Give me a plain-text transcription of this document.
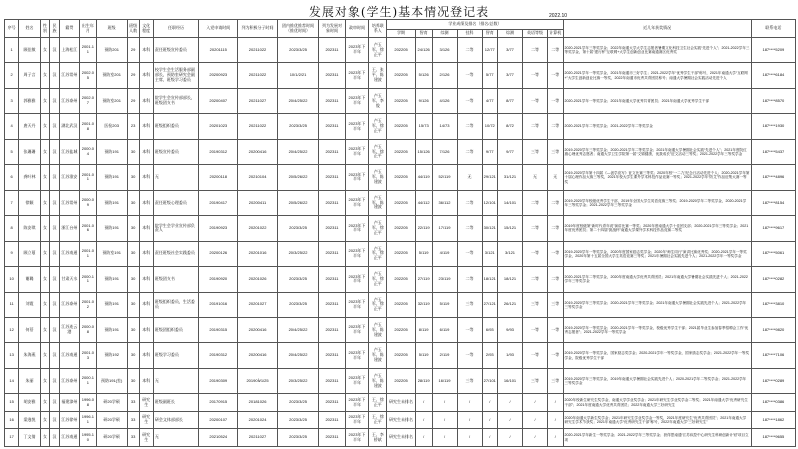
发展对象(学生)基本情况登记表	2022.10
序号	姓名	性别	民族	籍贯	出生年月	班级	班级人数	文化程度	任职经历	入党申请时间	列为积极分子时间	团内推优推荐时间（推优时间）	列为发展对象时间	政审时间	培养联系人	学业成绩及排名（排名/总数）								近几年获奖情况	联系电话
																学期	智育	综测	挂科	智育	综测	英语等级	计算机		
1	顾佳敏	女	汉	上海松江	2001.11	预防201	29	本科	责任班级宣传委员	20201115	20211022	2023/3/25	202311	2023年下半年	卢玉军、徐正平	202205	24/126	3/126	二等	12/77	3/77	二等	二等	2020-2021学年三等奖学金；2022年南通大学大学生志愿者暑期文化科技卫生社会实践“先进个人”；2021-2022学年三等奖学金，第十届“建行杯”互联网+大学生创新创业比赛南通赛区优秀奖	187****5209
2	周子言	女	汉	江苏常州	2002.05	预防室201	29	本科	校学生会生活服务部副部长，预防室研究会副主席，班级学习委员	20200923	20211022	10/1/2/21	202311	2023年下半年	王、张平、陈建波	202205	5/126	2/126	一等	5/77	3/77	一等	一等	2020-2021学年一等奖学金，2021年南通市三好学生；2021-2022学年“优秀学生干部”称号，2021年南通大学“互联网+”大学生创新创业比赛一等奖，2022年南通市优秀共青团员称号；南通大学暑期社会实践活动先进个人	187****6184
3	郭雅雅	女	汉	江苏泰州	2002.07	预防室201	29	本科	院学生会宣传部部长，班级团支书	20200407	20211027	20/4/25/22	202311	2023年下半年	卢玉军、李俊	202205	9/126	4/126	一等	4/77	8/77	一等	一等	2020-2021学年一等奖学金；2021年南通大学优秀共青团员；2021年南通大学优秀学生干部	187****8570
4	唐天丹	女	汉	湖北武汉	2001.08	医检203	23	本科	班级组织委员	20201023	20211022	2023/3/25	202311	2023年下半年	卢玉军、徐正平	202205	15/73	14/73	二等	10/72	8/72	二等	二等	2020-2021学年二等奖学金；2021-2022学年二等奖学金	187****1930
5	张珊珊	女	汉	江苏盐城	2000.04	预防191	30	本科	班级宣传委员	20190312	20200416	20/4/25/22	202311	2023年下半年	卢玉军、徐正平	202205	15/126	7/126	二等	9/77	9/77	三等	三等	2019-2020学年三等奖学金；2020-2021学年二等奖学金；2021年南通大学暑期社会实践“先进个人”；2021年度院红旗心理优秀志愿者；南通大学卫生学院第一届“文锦健康，优我成长”征文活动三等奖；2021-2022学年三等奖学金	187****5437
6	龚叶林	女	汉	江苏淮安	2001.01	预防191	30	本科	无	20200118	20210104	20/5/26/22	202311	2023年下半年	卢玉军、陈建波	202205	44/119	52/119	无	29/121	31/121	无	无	2019-2020学年第十四届《—创学竞写》征文比赛三等奖；2020年校“一二九”纪念日活动先进个人；2020-2021学年第十届心理作品大赛三等奖，2021年校大学生课外学术科技作品竞赛一等奖；2021-2022学年“防艾”作品征集大赛一等奖	187****4896
7	徐颖	女	汉	江苏常州	2000.09	预防191	30	本科	责任班级心理委员	20190417	20200411	20/5/26/22	202311	2023年下半年	卢玉军、陈建波	202205	44/112	36/112	二等	12/101	14/101	二等	二等	2019-2020学年校级优秀学生干部，2019年全国大学生英语竞赛三等奖；2019-2020学年二等奖学金，2020-2021学年三等奖学金；2021-2022学年三等奖学金	187****8154
8	陈安琪	女	汉	浙江台州	2001.06	预防191	30	本科	院学生会学业宣传部负责人	20190923	20201022	2023/3/25	202311	2023年下半年	卢玉军、徐正平	202205	22/119	17/119	二等	30/121	15/121	二等	二等	2019年度校级第“新时代青年说”演讲比赛一等奖；2020年度南通大学十佳团支部；2020-2021学年三等奖学金；2021年度优秀团员；第二十四届“挑战杯”南通大学课外学术科技作品竞赛二等奖	187****9617
9	顾立蔓	女	汉	江苏南通	2001.01	预防室191	30	本科	责任班级社会实践委员	20200126	20201016	20/3/25/22	202311	2023年下半年	卢玉军、徐正平	202205	5/119	4/119	一等	3/121	3/121	一等	一等	2019-2020学年一等奖学金，2020年度国家励志奖学金；2020年“师生同行”演讲比赛优秀奖；2020-2021学年一等奖学金，2020年第十五届全国大学生英语竞赛三等奖；2021年暑期社会实践先进个人；2021-2022学年一等奖学金	187****5061
10	谢璐	女	汉	甘肃天水	2000.11	预防191	30	本科	班级团支书	20190920	20201026	2023/3/25	202311	2023年下半年	卢玉军、徐正平	202205	27/119	23/119	二等	18/121	18/121	二等	二等	2020-2021学年二等奖学金，2020年度南通大学优秀共青团员；2021年南通大学暑期社会实践先进个人；2021-2022学年三等奖学金	187****0282
11	刘霞	女	汉	江苏泰州	2001.02	预防191	30	本科	班级组织委员，生活委员	20191016	20201027	2023/3/25	202311	2023年下半年	卢玉军、徐正平	202205	32/119	5/119	三等	27/121	26/121	三等	三等	2019-2020学年三等奖学金；2020-2021学年三等奖学金；2021年南通大学暑期社会实践先进个人；2021-2022学年三等奖学金	187****3810
12	何蓓	女	汉	江苏连云港	2000.08	预防191	30	本科	班级团组织委员	20190315	20200416	20/4/25/22	202311	2023年下半年	卢玉军、陈建波	202205	8/119	6/119	一等	6/93	9/93	一等	一等	2019-2020学年一等奖学金；2020-2021学年一等奖学金，校级优秀学生干部；2021届毕业生参加春季招聘会工作“优秀志愿者”；2021-2022学年一等奖学金	187****9820
13	朱海燕	女	汉	江苏南通	2001.03	预防192	30	本科	班级学习委员	20190312	20200416	20/4/25/22	202311	2023年下半年	卢玉军、陈建波	202205	5/119	2/119	一等	2/93	1/93	一等	一等	2019-2020学年一等奖学金，国家励志奖学金；2020-2021学年一等奖学金，国家励志奖学金；2021-2022学年一等奖学金，院级优秀学生干部	187****7106
14	朱丽	女	汉	江苏泰州	2000.11	预防191(室)	30	本科	无	20190309	20190ⅳ1/25	20/3/25/22	202311	2023年下半年	卢玉军、陈建波	202205	28/119	16/119	三等	27/101	16/101	三等	三等	2019-2020学年三等奖学金，2019年南通大学暑期社会实践先进个人；2020-2021学年二等奖学金；2021-2022学年三等奖学金	187****0289
15	胡安雅	女	汉	福建漳州	1996.08	研20学硕	33	研究生	班级副班长	20170915	20181026	2023/3/25	202311	2023年下半年	王、徐正平	研究生未排名	/	/	/	/	/	/	/	2020年校新生研究生奖学金，南通大学学业奖学金；2021年研究生学业奖学金二等奖；2021年南通大学“优秀研究生干部”；2021年度南通大学优秀共青团员；2022年南通大学三好研究生	187****0386
16	梁逸悦	女	汉	江苏徐州	1996.11	研20学硕	33	研究生	研会文体部部长	20200107	20201024	2023/3/25	202311	2023年下半年	王、徐正平	研究生未排名	/	/	/	/	/	/	/	2020年南通大学新生奖学金；2021年研究生学业奖学金一等奖，2021年度研究生“优秀共青团员”；2021年南通大学研究生学术节获奖；2021年南通大学“优秀研究生干部”称号，2022年南通大学“三好研究生”	187****1862
17	丁文倩	女	汉	江苏南通	1995.10	研20学硕	33	研究生	无	20210524	20211027	2023/3/25	202311	2023年下半年	王、李桥斌	研究生未排名	/	/	/	/	/	/	/	2020-2021学年新生一等奖学金；2021-2022学年三等奖学金；获得思南通“江苏疾控中心研究生科研创新计划”项目立项	187****9655
